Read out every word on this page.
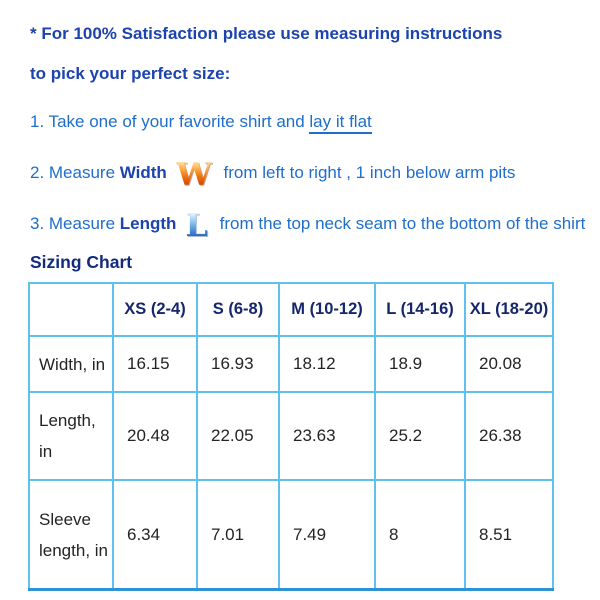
* For 100% Satisfaction please use measuring instructions
to pick your perfect size:

1. Take one of your favorite shirt and lay it flat

2. Measure Width W from left to right , 1 inch below arm pits

3. Measure Length L from the top neck seam to the bottom of the shirt

Sizing Chart
	XS (2-4)	S (6-8)	M (10-12)	L (14-16)	XL (18-20)
Width, in	16.15	16.93	18.12	18.9	20.08
Length, in	20.48	22.05	23.63	25.2	26.38
Sleeve length, in	6.34	7.01	7.49	8	8.51
